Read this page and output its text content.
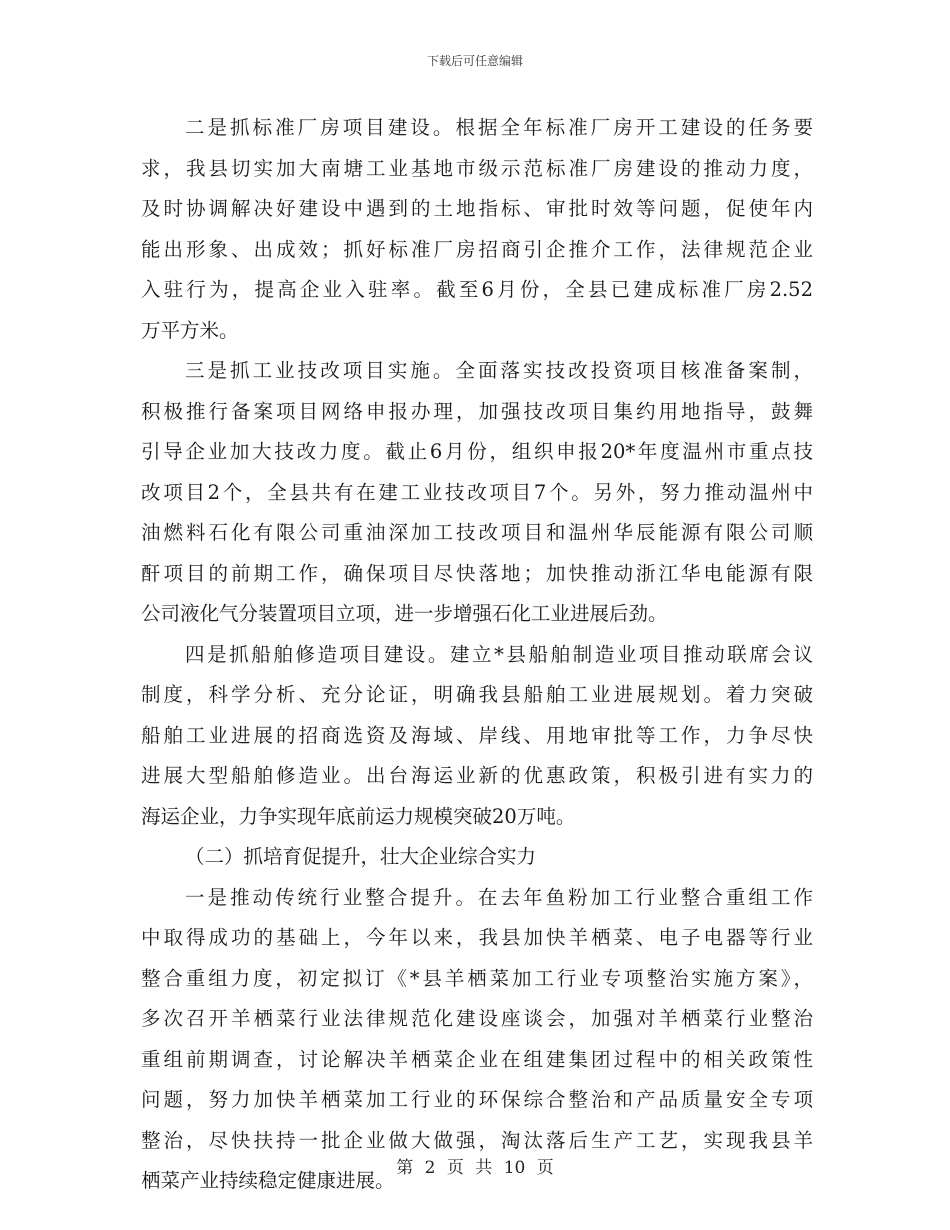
下载后可任意编辑
二是抓标准厂房项目建设。根据全年标准厂房开工建设的任务要
求，我县切实加大南塘工业基地市级示范标准厂房建设的推动力度，
及时协调解决好建设中遇到的土地指标、审批时效等问题，促使年内
能出形象、出成效；抓好标准厂房招商引企推介工作，法律规范企业
入驻行为，提高企业入驻率。截至6月份，全县已建成标准厂房2.52
万平方米。
三是抓工业技改项目实施。全面落实技改投资项目核准备案制，
积极推行备案项目网络申报办理，加强技改项目集约用地指导，鼓舞
引导企业加大技改力度。截止6月份，组织申报20*年度温州市重点技
改项目2个，全县共有在建工业技改项目7个。另外，努力推动温州中
油燃料石化有限公司重油深加工技改项目和温州华辰能源有限公司顺
酐项目的前期工作，确保项目尽快落地；加快推动浙江华电能源有限
公司液化气分装置项目立项，进一步增强石化工业进展后劲。
四是抓船舶修造项目建设。建立*县船舶制造业项目推动联席会议
制度，科学分析、充分论证，明确我县船舶工业进展规划。着力突破
船舶工业进展的招商选资及海域、岸线、用地审批等工作，力争尽快
进展大型船舶修造业。出台海运业新的优惠政策，积极引进有实力的
海运企业，力争实现年底前运力规模突破20万吨。
（二）抓培育促提升，壮大企业综合实力
一是推动传统行业整合提升。在去年鱼粉加工行业整合重组工作
中取得成功的基础上，今年以来，我县加快羊栖菜、电子电器等行业
整合重组力度，初定拟订《*县羊栖菜加工行业专项整治实施方案》，
多次召开羊栖菜行业法律规范化建设座谈会，加强对羊栖菜行业整治
重组前期调查，讨论解决羊栖菜企业在组建集团过程中的相关政策性
问题，努力加快羊栖菜加工行业的环保综合整治和产品质量安全专项
整治，尽快扶持一批企业做大做强，淘汰落后生产工艺，实现我县羊
栖菜产业持续稳定健康进展。
第 2 页 共 10 页
